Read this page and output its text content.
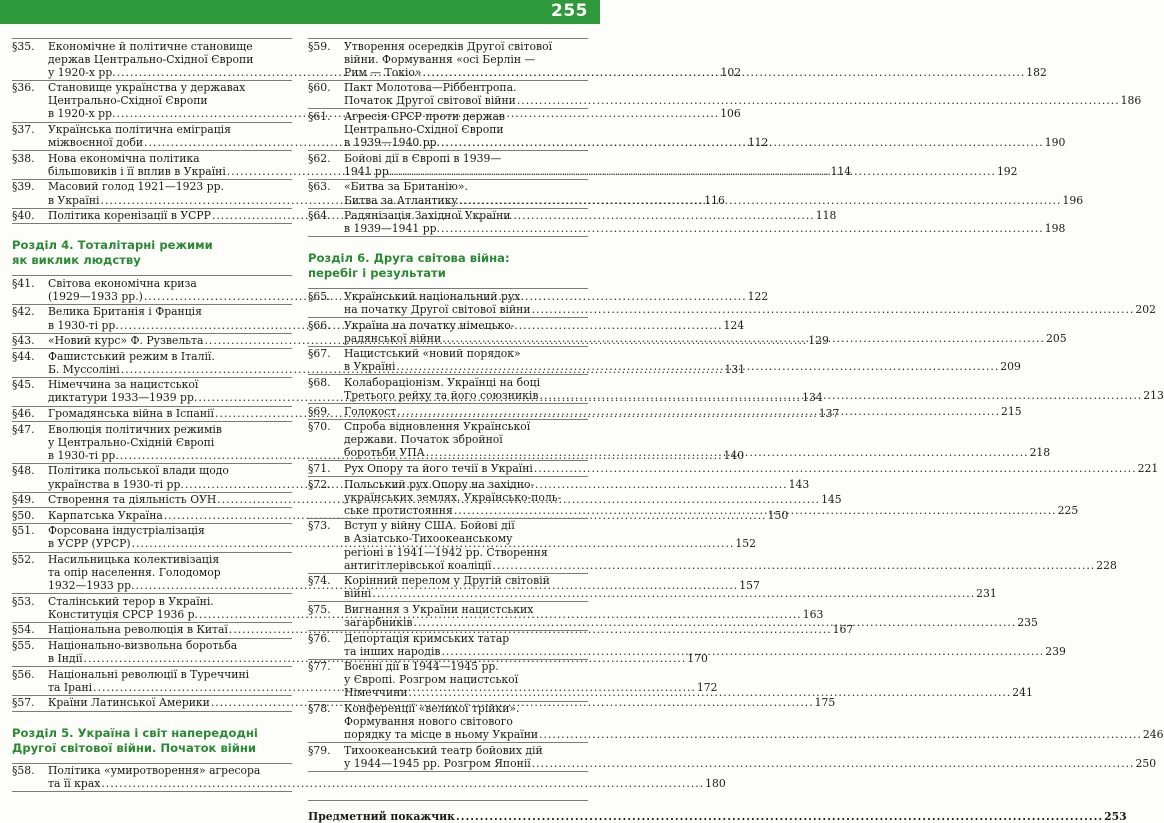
255
§35.	Економічне й політичне становище
держав Центрально-Східної Європи
у 1920-х рр. .....	102
§36.	Становище українства у державах
Центрально-Східної Європи
в 1920-х рр. .....	106
§37.	Українська політична еміграція
міжвоєнної доби .....	112
§38.	Нова економічна політика
більшовиків і її вплив в Україні .....	114
§39.	Масовий голод 1921—1923 рр.
в Україні .....	116
§40.	Політика коренізації в УСРР .....	118
Розділ 4. Тоталітарні режими
як виклик людству
§41.	Світова економічна криза
(1929—1933 рр.) .....	122
§42.	Велика Британія і Франція
в 1930-ті рр. .....	124
§43.	«Новий курс» Ф. Рузвельта .....	129
§44.	Фашистський режим в Італії.
Б. Муссоліні .....	131
§45.	Німеччина за нацистської
диктатури 1933—1939 рр. .....	134
§46.	Громадянська війна в Іспанії .....	137
§47.	Еволюція політичних режимів
у Центрально-Східній Європі
в 1930-ті рр. .....	140
§48.	Політика польської влади щодо
українства в 1930-ті рр. .....	143
§49.	Створення та діяльність ОУН .....	145
§50.	Карпатська Україна .....	150
§51.	Форсована індустріалізація
в УСРР (УРСР) .....	152
§52.	Насильницька колективізація
та опір населення. Голодомор
1932—1933 рр. .....	157
§53.	Сталінський терор в Україні.
Конституція СРСР 1936 р. .....	163
§54.	Національна революція в Китаї .....	167
§55.	Національно-визвольна боротьба
в Індії .....	170
§56.	Національні революції в Туреччині
та Ірані .....	172
§57.	Країни Латинської Америки .....	175
Розділ 5. Україна і світ напередодні
Другої світової війни. Початок війни
§58.	Політика «умиротворення» агресора
та її крах .....	180
§59.	Утворення осередків Другої світової
війни. Формування «осі Берлін —
Рим — Токіо» .....	182
§60.	Пакт Молотова—Ріббентропа.
Початок Другої світової війни .....	186
§61.	Агресія СРСР проти держав
Центрально-Східної Європи
в 1939—1940 рр. .....	190
§62.	Бойові дії в Європі в 1939—
1941 рр. .....	192
§63.	«Битва за Британію».
Битва за Атлантику .....	196
§64.	Радянізація Західної України
в 1939—1941 рр. .....	198
Розділ 6. Друга світова війна:
перебіг і результати
§65.	Український національний рух
на початку Другої світової війни .....	202
§66.	Україна на початку німецько-
радянської війни .....	205
§67.	Нацистський «новий порядок»
в Україні .....	209
§68.	Колабораціонізм. Українці на боці
Третього рейху та його союзників .....	213
§69.	Голокост .....	215
§70.	Спроба відновлення Української
держави. Початок збройної
боротьби УПА .....	218
§71.	Рух Опору та його течії в Україні .....	221
§72.	Польський рух Опору на західно-
українських землях. Українсько-поль-
ське протистояння .....	225
§73.	Вступ у війну США. Бойові дії
в Азіатсько-Тихоокеанському
регіоні в 1941—1942 рр. Створення
антигітлерівської коаліції .....	228
§74.	Корінний перелом у Другій світовій
війні .....	231
§75.	Вигнання з України нацистських
загарбників .....	235
§76.	Депортація кримських татар
та інших народів .....	239
§77.	Воєнні дії в 1944—1945 рр.
у Європі. Розгром нацистської
Німеччини .....	241
§78.	Конференції «великої трійки».
Формування нового світового
порядку та місце в ньому України .....	246
§79.	Тихоокеанський театр бойових дій
у 1944—1945 рр. Розгром Японії .....	250
Предметний покажчик .....	253
